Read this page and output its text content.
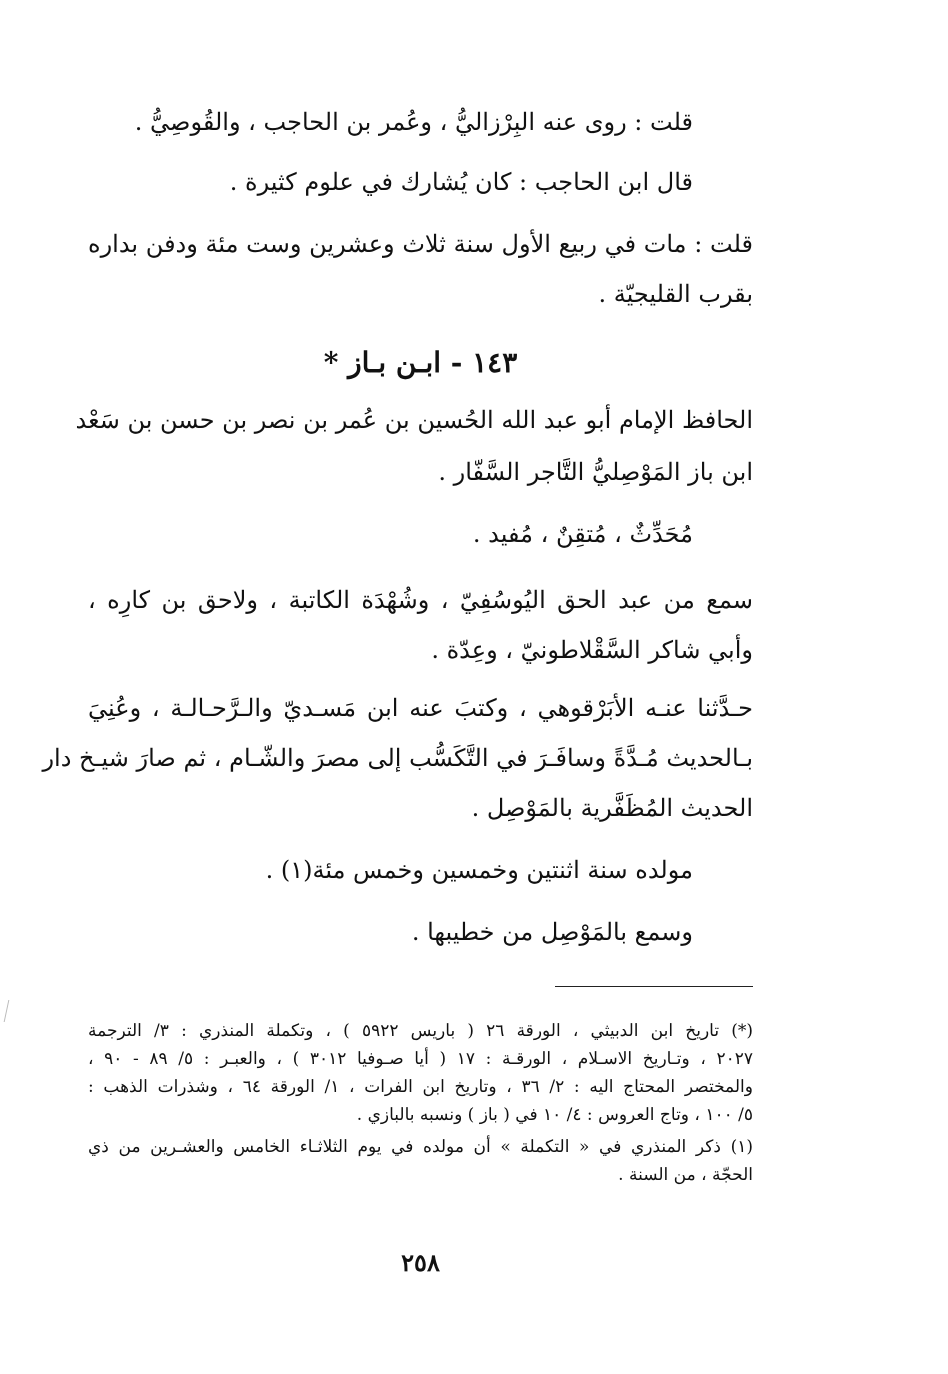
قلت : روى عنه البِرْزاليُّ ، وعُمر بن الحاجب ، والقُوصِيُّ .
قال ابن الحاجب : كان يُشارك في علوم كثيرة .
قلت : مات في ربيع الأول سنة ثلاث وعشرين وست مئة ودفن بداره
بقرب القليجيّة .
١٤٣ - ابـن بـاز *
الحافظ الإمام أبو عبد الله الحُسين بن عُمر بن نصر بن حسن بن سَعْد
ابن باز المَوْصِليُّ التَّاجر السَّفّار .
مُحَدِّثٌ ، مُتقِنٌ ، مُفيد .
سمع من عبد الحق اليُوسُفِيّ ، وشُهْدَة الكاتبة ، ولاحق بن كارِه ،
وأبي شاكر السَّقْلاطونيّ ، وعِدّة .
حـدَّثنا عنـه الأبَرْقوهي ، وكتبَ عنه ابن مَسـديّ والـرَّحـالـة ، وعُنِيَ
بـالحديث مُـدَّةً وسافَـرَ في التَّكَسُّب إلى مصرَ والشّـام ، ثم صارَ شيـخ دار
الحديث المُظَفَّرية بالمَوْصِل .
مولده سنة اثنتين وخمسين وخمس مئة(١) .
وسمع بالمَوْصِل من خطيبها .
(*) تاريخ ابن الدبيثي ، الورقة ٢٦ ( باريس ٥٩٢٢ ) ، وتكملة المنذري : ٣/ الترجمة
٢٠٢٧ ، وتـاريخ الاسـلام ، الورقـة : ١٧ ( أيا صـوفيا ٣٠١٢ ) ، والعبـر : ٥/ ٨٩ - ٩٠ ،
والمختصر المحتاج اليه : ٢/ ٣٦ ، وتاريخ ابن الفرات ، ١/ الورقة ٦٤ ، وشذرات الذهب :
٥/ ١٠٠ ، وتاج العروس : ٤/ ١٠ في ( باز ) ونسبه بالبازي .
(١) ذكر المنذري في « التكملة » أن مولده في يوم الثلاثـاء الخامس والعشـرين من ذي
الحجّة ، من السنة .
٢٥٨
